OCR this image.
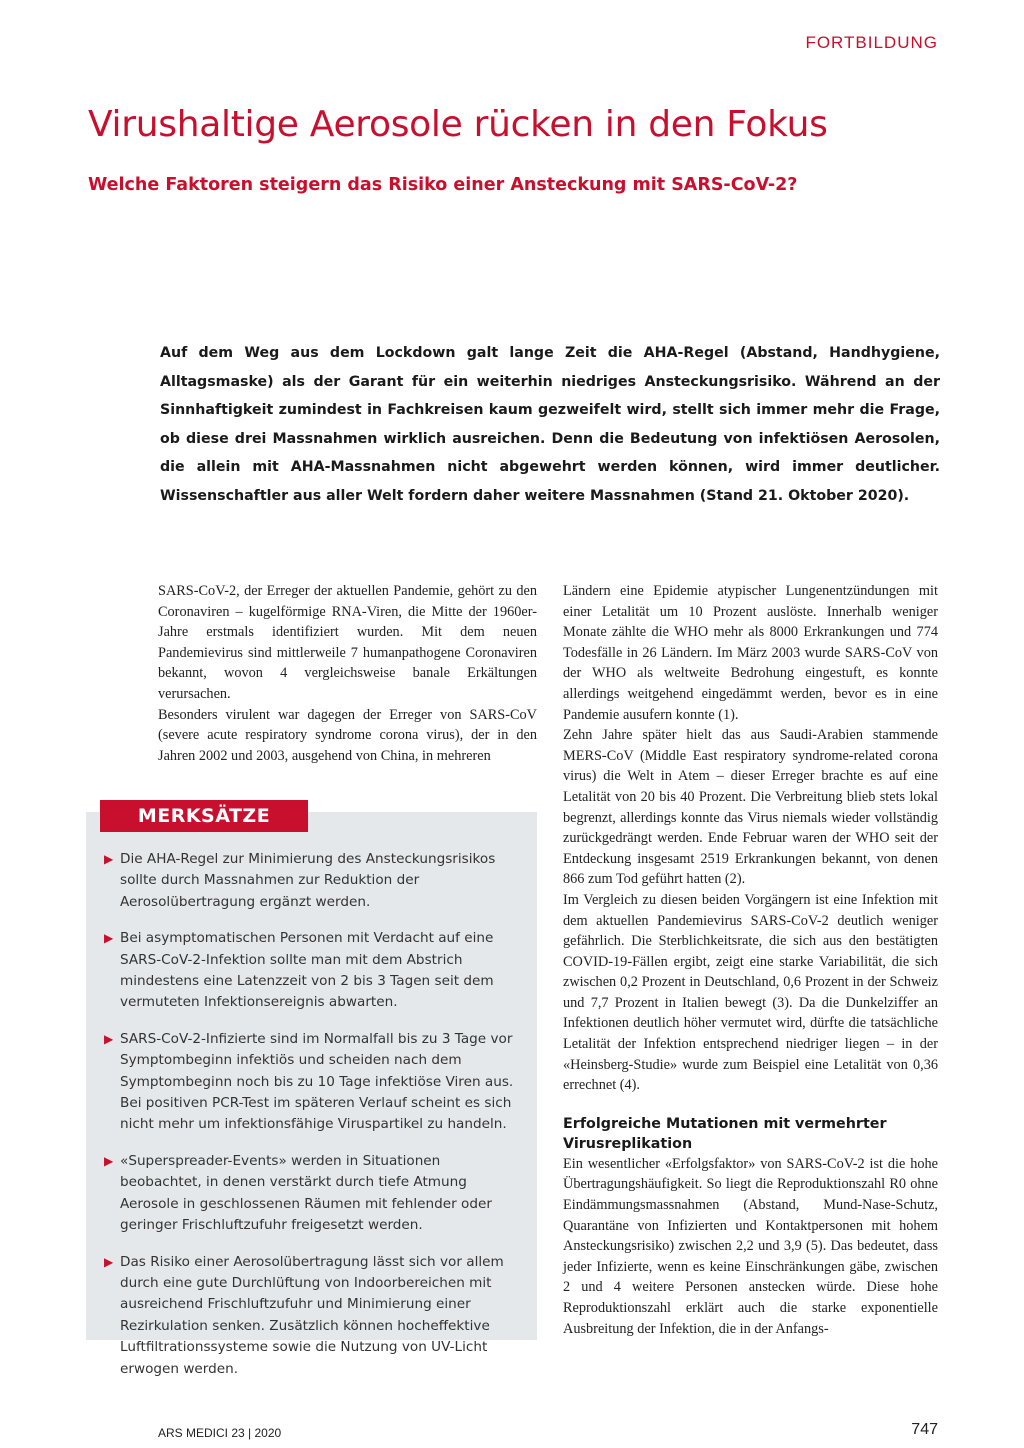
FORTBILDUNG
Virushaltige Aerosole rücken in den Fokus
Welche Faktoren steigern das Risiko einer Ansteckung mit SARS-CoV-2?

Auf dem Weg aus dem Lockdown galt lange Zeit die AHA-Regel (Abstand, Handhygiene, Alltagsmaske) als der Garant für ein weiterhin niedriges Ansteckungsrisiko. Während an der Sinnhaftigkeit zumindest in Fachkreisen kaum gezweifelt wird, stellt sich immer mehr die Frage, ob diese drei Massnahmen wirklich ausreichen. Denn die Bedeutung von infektiösen Aerosolen, die allein mit AHA-Massnahmen nicht abgewehrt werden können, wird immer deutlicher. Wissenschaftler aus aller Welt fordern daher weitere Massnahmen (Stand 21. Oktober 2020).

SARS-CoV-2, der Erreger der aktuellen Pandemie, gehört zu den Coronaviren – kugelförmige RNA-Viren, die Mitte der 1960er-Jahre erstmals identifiziert wurden. Mit dem neuen Pandemievirus sind mittlerweile 7 humanpathogene Coronaviren bekannt, wovon 4 vergleichsweise banale Erkältungen verursachen.

Besonders virulent war dagegen der Erreger von SARS-CoV (severe acute respiratory syndrome corona virus), der in den Jahren 2002 und 2003, ausgehend von China, in mehreren

▶ Die AHA-Regel zur Minimierung des Ansteckungsrisikos sollte durch Massnahmen zur Reduktion der Aerosolübertragung ergänzt werden.
▶ Bei asymptomatischen Personen mit Verdacht auf eine SARS-CoV-2-Infektion sollte man mit dem Abstrich mindestens eine Latenzzeit von 2 bis 3 Tagen seit dem vermuteten Infektionsereignis abwarten.
▶ SARS-CoV-2-Infizierte sind im Normalfall bis zu 3 Tage vor Symptombeginn infektiös und scheiden nach dem Symptombeginn noch bis zu 10 Tage infektiöse Viren aus. Bei positiven PCR-Test im späteren Verlauf scheint es sich nicht mehr um infektionsfähige Viruspartikel zu handeln.
▶ «Superspreader-Events» werden in Situationen beobachtet, in denen verstärkt durch tiefe Atmung Aerosole in geschlossenen Räumen mit fehlender oder geringer Frischluftzufuhr freigesetzt werden.
▶ Das Risiko einer Aerosolübertragung lässt sich vor allem durch eine gute Durchlüftung von Indoorbereichen mit ausreichend Frischluftzufuhr und Minimierung einer Rezirkulation senken. Zusätzlich können hocheffektive Luftfiltrationssysteme sowie die Nutzung von UV-Licht erwogen werden.
MERKSÄTZE

Ländern eine Epidemie atypischer Lungenentzündungen mit einer Letalität um 10 Prozent auslöste. Innerhalb weniger Monate zählte die WHO mehr als 8000 Erkrankungen und 774 Todesfälle in 26 Ländern. Im März 2003 wurde SARS-CoV von der WHO als weltweite Bedrohung eingestuft, es konnte allerdings weitgehend eingedämmt werden, bevor es in eine Pandemie ausufern konnte (1).

Zehn Jahre später hielt das aus Saudi-Arabien stammende MERS-CoV (Middle East respiratory syndrome-related corona virus) die Welt in Atem – dieser Erreger brachte es auf eine Letalität von 20 bis 40 Prozent. Die Verbreitung blieb stets lokal begrenzt, allerdings konnte das Virus niemals wieder vollständig zurückgedrängt werden. Ende Februar waren der WHO seit der Entdeckung insgesamt 2519 Erkrankungen bekannt, von denen 866 zum Tod geführt hatten (2).

Im Vergleich zu diesen beiden Vorgängern ist eine Infektion mit dem aktuellen Pandemievirus SARS-CoV-2 deutlich weniger gefährlich. Die Sterblichkeitsrate, die sich aus den bestätigten COVID-19-Fällen ergibt, zeigt eine starke Variabilität, die sich zwischen 0,2 Prozent in Deutschland, 0,6 Prozent in der Schweiz und 7,7 Prozent in Italien bewegt (3). Da die Dunkelziffer an Infektionen deutlich höher vermutet wird, dürfte die tatsächliche Letalität der Infektion entsprechend niedriger liegen – in der «Heinsberg-Studie» wurde zum Beispiel eine Letalität von 0,36 errechnet (4).

Erfolgreiche Mutationen mit vermehrter Virusreplikation

Ein wesentlicher «Erfolgsfaktor» von SARS-CoV-2 ist die hohe Übertragungshäufigkeit. So liegt die Reproduktionszahl R0 ohne Eindämmungsmassnahmen (Abstand, Mund-Nase-Schutz, Quarantäne von Infizierten und Kontaktpersonen mit hohem Ansteckungsrisiko) zwischen 2,2 und 3,9 (5). Das bedeutet, dass jeder Infizierte, wenn es keine Einschränkungen gäbe, zwischen 2 und 4 weitere Personen anstecken würde. Diese hohe Reproduktionszahl erklärt auch die starke exponentielle Ausbreitung der Infektion, die in der Anfangs-

ARS MEDICI 23 | 2020	747
